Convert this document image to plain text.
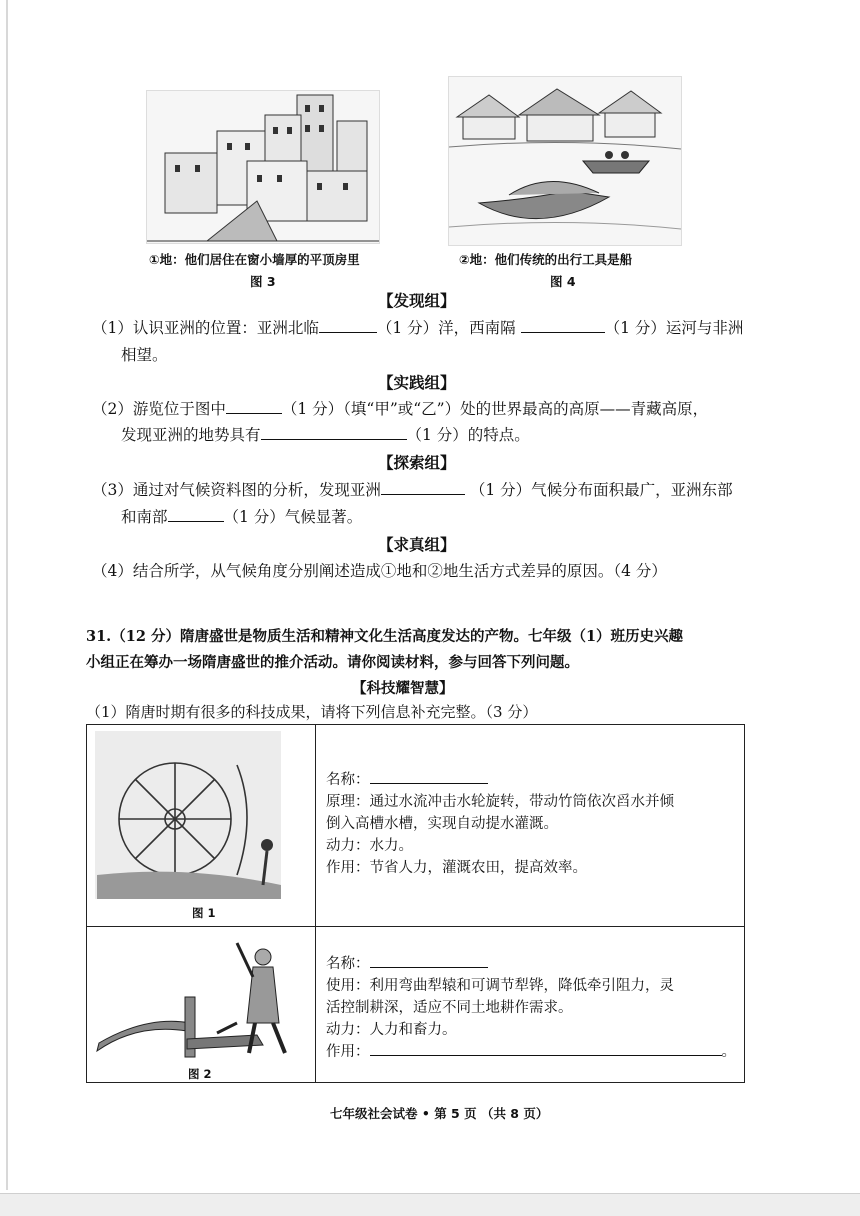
①地：他们居住在窗小墙厚的平顶房里
图 3
②地：他们传统的出行工具是船
图 4
【发现组】
（1）认识亚洲的位置：亚洲北临	（1 分）洋，西南隔	（1 分）运河与非洲
相望。
【实践组】
（2）游览位于图中	（1 分）（填“甲”或“乙”）处的世界最高的高原——青藏高原，
发现亚洲的地势具有	（1 分）的特点。
【探索组】
（3）通过对气候资料图的分析，发现亚洲	（1 分）气候分布面积最广，亚洲东部
和南部	（1 分）气候显著。
【求真组】
（4）结合所学，从气候角度分别阐述造成①地和②地生活方式差异的原因。（4 分）
31.（12 分）隋唐盛世是物质生活和精神文化生活高度发达的产物。七年级（1）班历史兴趣
小组正在筹办一场隋唐盛世的推介活动。请你阅读材料，参与回答下列问题。
【科技耀智慧】
（1）隋唐时期有很多的科技成果，请将下列信息补充完整。（3 分）

名称：
原理：通过水流冲击水轮旋转，带动竹筒依次舀水并倾
倒入高槽水槽，实现自动提水灌溉。
动力：水力。
作用：节省人力，灌溉农田，提高效率。

名称：
使用：利用弯曲犁辕和可调节犁铧，降低牵引阻力，灵
活控制耕深，适应不同土地耕作需求。
动力：人力和畜力。
作用： 。
图 1
图 2
七年级社会试卷 • 第 5 页 （共 8 页）
